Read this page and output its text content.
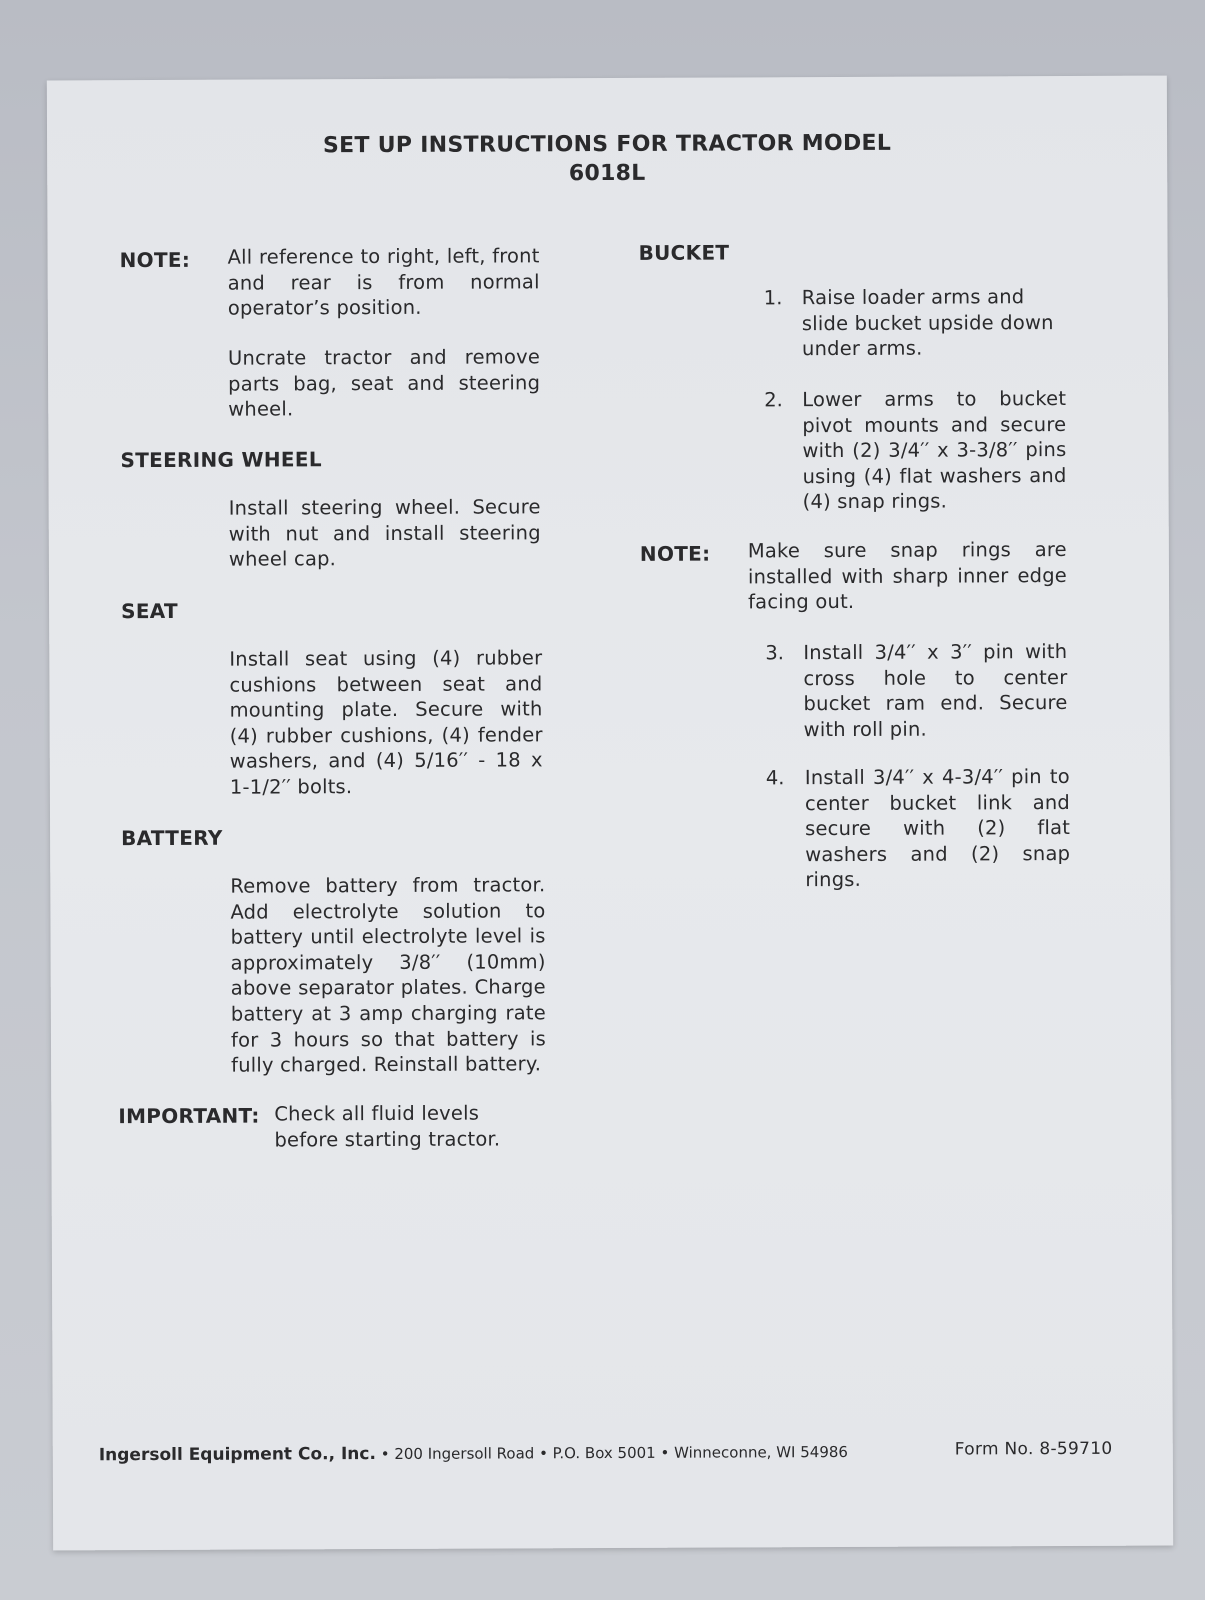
SET UP INSTRUCTIONS FOR TRACTOR MODEL
6018L
NOTE: All reference to right, left, front and rear is from normal operator’s position.
Uncrate tractor and remove parts bag, seat and steering wheel.
STEERING WHEEL
Install steering wheel. Secure with nut and install steering wheel cap.
SEAT
Install seat using (4) rubber cushions between seat and mounting plate. Secure with (4) rubber cushions, (4) fender washers, and (4) 5/16′′ - 18 x 1-1/2′′ bolts.
BATTERY
Remove battery from tractor. Add electrolyte solution to battery until electrolyte level is approximately 3/8′′ (10mm) above separator plates. Charge battery at 3 amp charging rate for 3 hours so that battery is fully charged. Reinstall battery.
IMPORTANT: Check all fluid levels before starting tractor.
BUCKET
1. Raise loader arms and slide bucket upside down under arms.
2. Lower arms to bucket pivot mounts and secure with (2) 3/4′′ x 3-3/8′′ pins using (4) flat washers and (4) snap rings.
NOTE: Make sure snap rings are installed with sharp inner edge facing out.
3. Install 3/4′′ x 3′′ pin with cross hole to center bucket ram end. Secure with roll pin.
4. Install 3/4′′ x 4-3/4′′ pin to center bucket link and secure with (2) flat washers and (2) snap rings.
Ingersoll Equipment Co., Inc. • 200 Ingersoll Road • P.O. Box 5001 • Winneconne, WI 54986	Form No. 8-59710
